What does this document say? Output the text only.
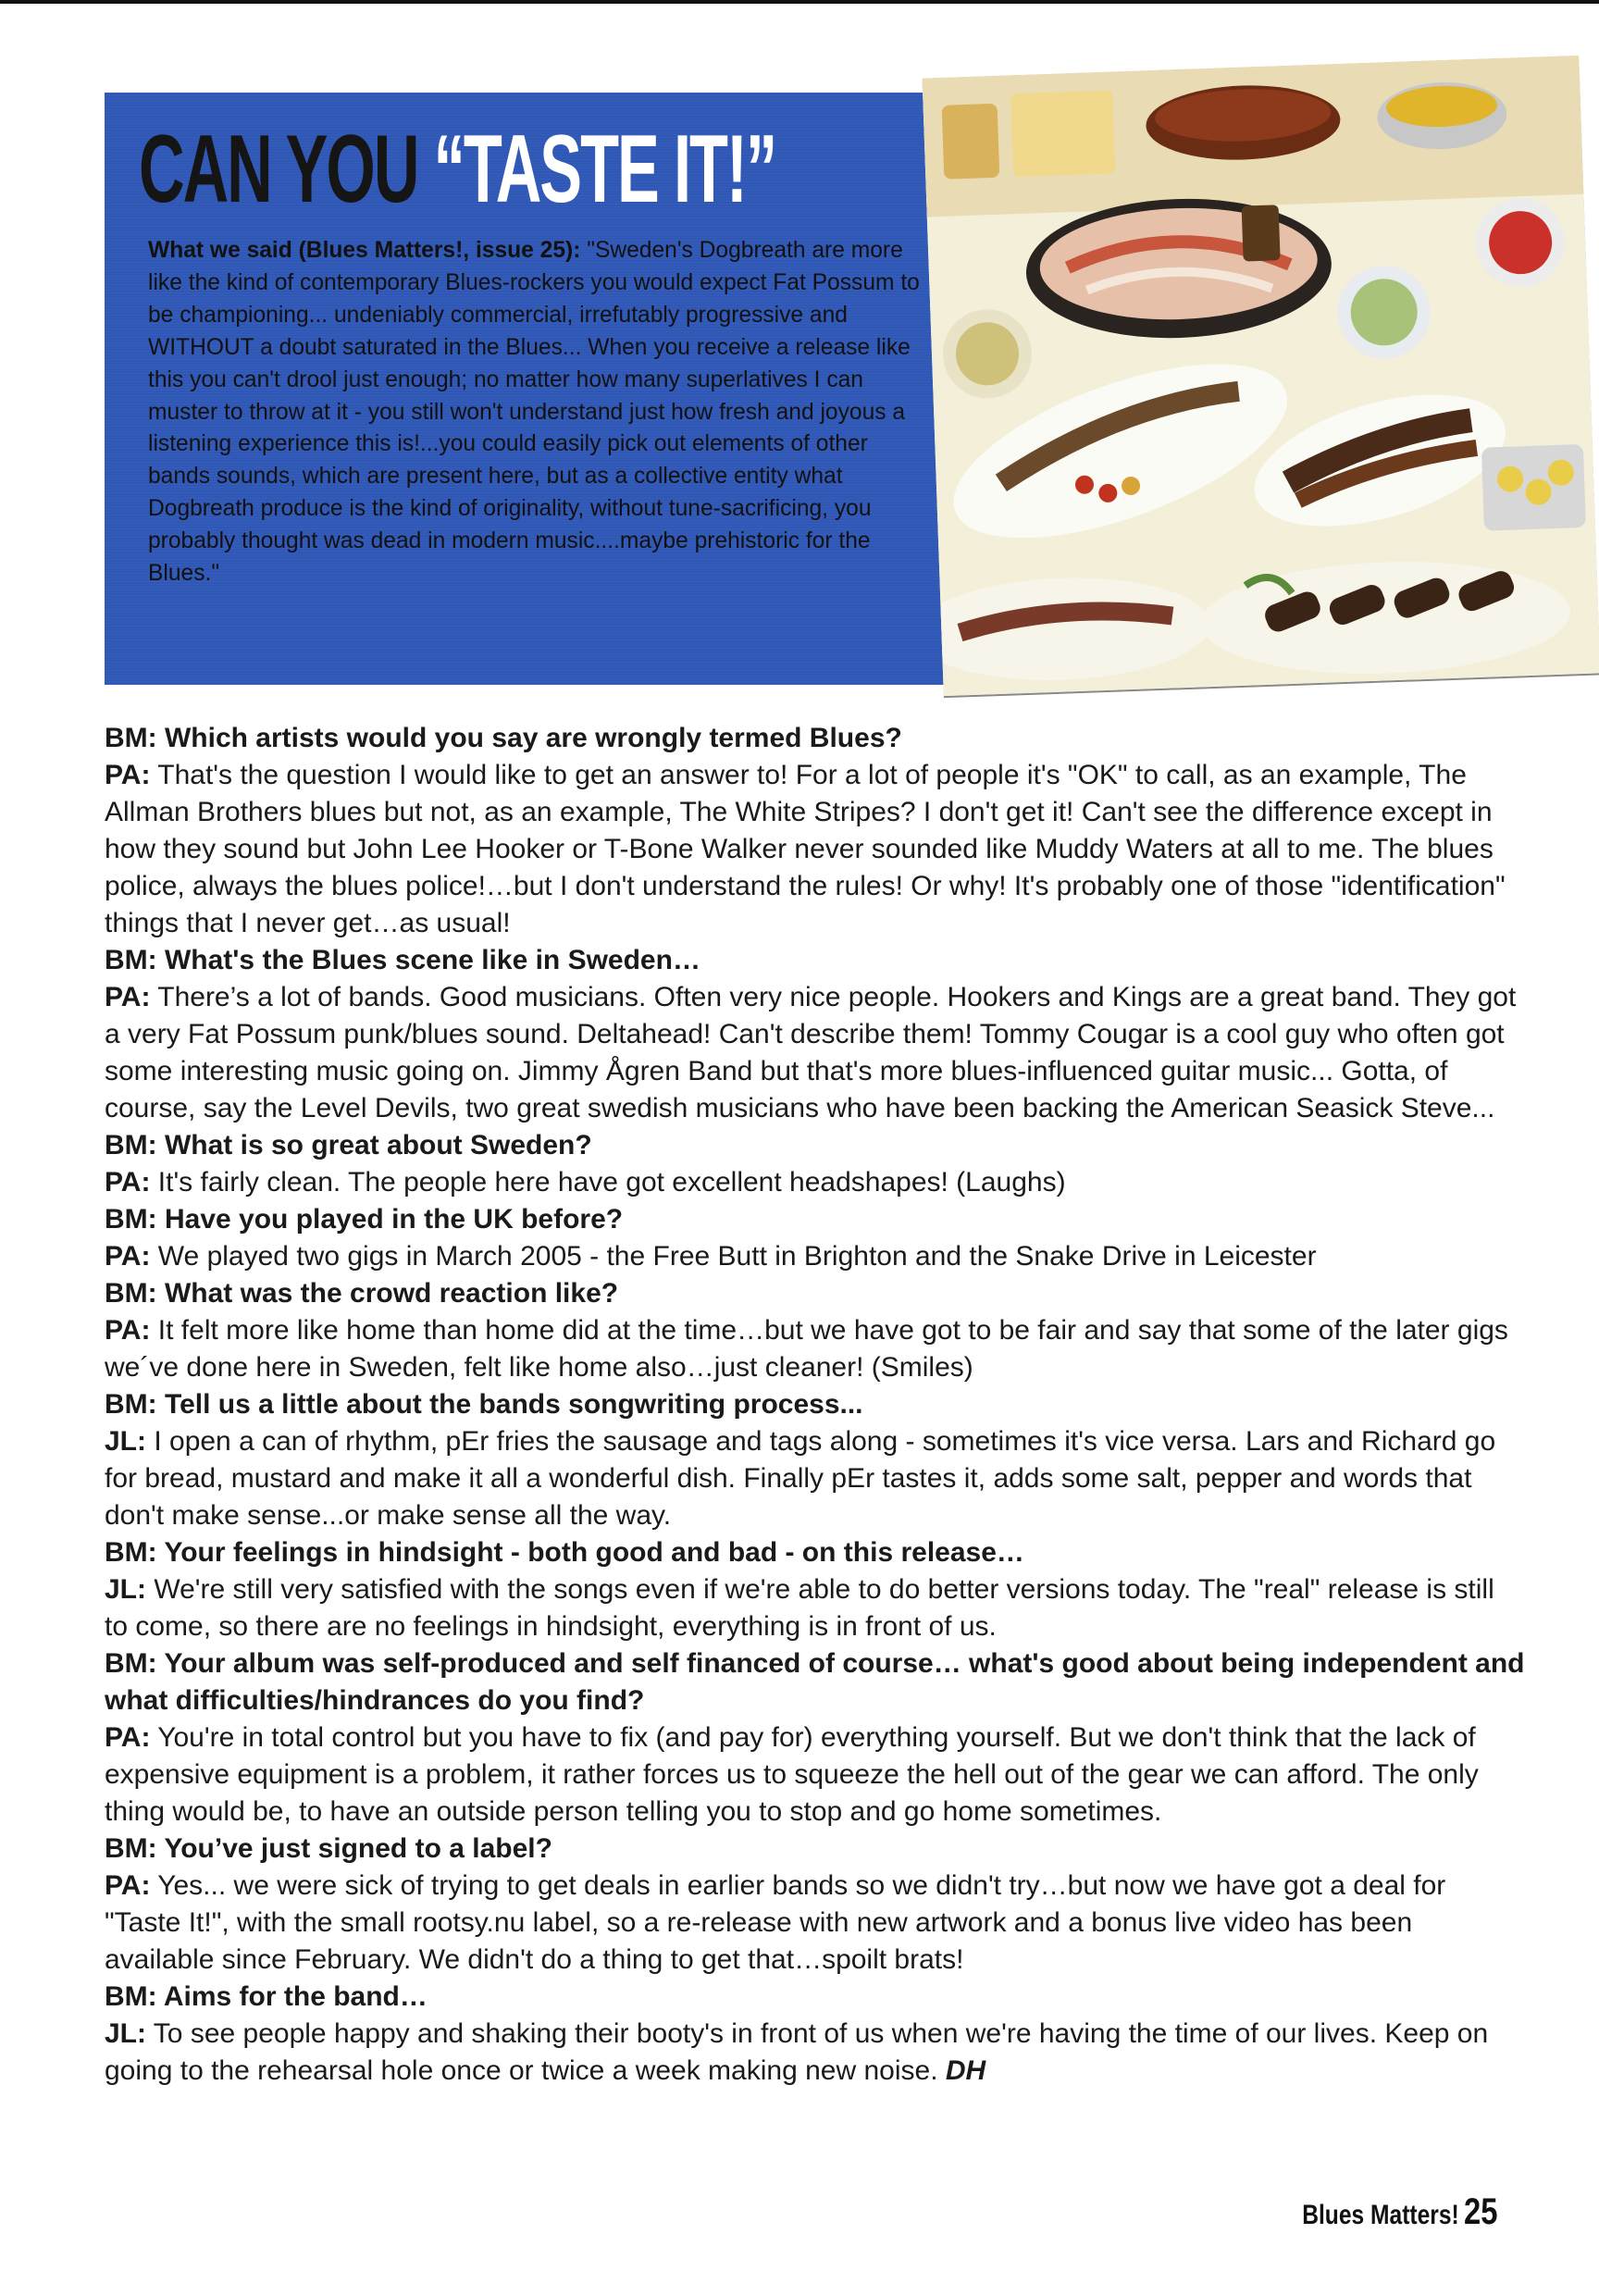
CAN YOU “TASTE IT!”
What we said (Blues Matters!, issue 25): "Sweden's Dogbreath are more like the kind of contemporary Blues-rockers you would expect Fat Possum to be championing... undeniably commercial, irrefutably progressive and WITHOUT a doubt saturated in the Blues... When you receive a release like this you can't drool just enough; no matter how many superlatives I can muster to throw at it - you still won't understand just how fresh and joyous a listening experience this is!...you could easily pick out elements of other bands sounds, which are present here, but as a collective entity what Dogbreath produce is the kind of originality, without tune-sacrificing, you probably thought was dead in modern music....maybe prehistoric for the Blues."

BM: Which artists would you say are wrongly termed Blues?

PA: That's the question I would like to get an answer to! For a lot of people it's "OK" to call, as an example, The Allman Brothers blues but not, as an example, The White Stripes? I don't get it! Can't see the difference except in how they sound but John Lee Hooker or T-Bone Walker never sounded like Muddy Waters at all to me. The blues police, always the blues police!…but I don't understand the rules! Or why! It's probably one of those "identification" things that I never get…as usual!

BM: What's the Blues scene like in Sweden…

PA: There’s a lot of bands. Good musicians. Often very nice people. Hookers and Kings are a great band. They got a very Fat Possum punk/blues sound. Deltahead! Can't describe them! Tommy Cougar is a cool guy who often got some interesting music going on. Jimmy Ågren Band but that's more blues-influenced guitar music... Gotta, of course, say the Level Devils, two great swedish musicians who have been backing the American Seasick Steve...

BM: What is so great about Sweden?

PA: It's fairly clean. The people here have got excellent headshapes! (Laughs)

BM: Have you played in the UK before?

PA: We played two gigs in March 2005 - the Free Butt in Brighton and the Snake Drive in Leicester

BM: What was the crowd reaction like?

PA: It felt more like home than home did at the time…but we have got to be fair and say that some of the later gigs we´ve done here in Sweden, felt like home also…just cleaner! (Smiles)

BM: Tell us a little about the bands songwriting process...

JL: I open a can of rhythm, pEr fries the sausage and tags along - sometimes it's vice versa. Lars and Richard go for bread, mustard and make it all a wonderful dish. Finally pEr tastes it, adds some salt, pepper and words that don't make sense...or make sense all the way.

BM: Your feelings in hindsight - both good and bad - on this release…

JL: We're still very satisfied with the songs even if we're able to do better versions today. The "real" release is still to come, so there are no feelings in hindsight, everything is in front of us.

BM: Your album was self-produced and self financed of course… what's good about being independent and what difficulties/hindrances do you find?

PA: You're in total control but you have to fix (and pay for) everything yourself. But we don't think that the lack of expensive equipment is a problem, it rather forces us to squeeze the hell out of the gear we can afford. The only thing would be, to have an outside person telling you to stop and go home sometimes.

BM: You’ve just signed to a label?

PA: Yes... we were sick of trying to get deals in earlier bands so we didn't try…but now we have got a deal for "Taste It!", with the small rootsy.nu label, so a re-release with new artwork and a bonus live video has been available since February. We didn't do a thing to get that…spoilt brats!

BM: Aims for the band…

JL: To see people happy and shaking their booty's in front of us when we're having the time of our lives. Keep on going to the rehearsal hole once or twice a week making new noise. DH

Blues Matters! 25
